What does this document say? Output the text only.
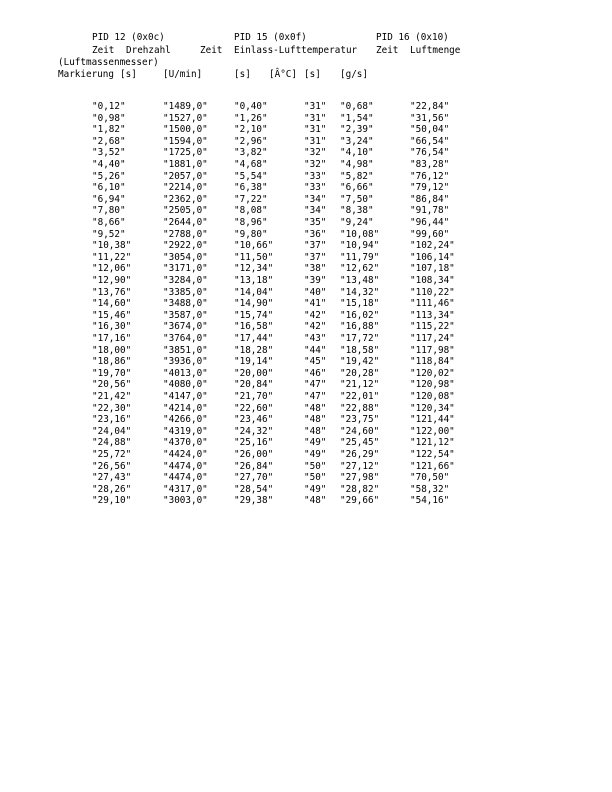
PID 12 (0x0c)	PID 15 (0x0f)	PID 16 (0x10)
Zeit Drehzahl	Zeit Einlass-Lufttemperatur Zeit Luftmenge
(Luftmassenmesser)
Markierung [s]	[U/min]	[s] [Â°C] [s] [g/s]
"0,12"	"1489,0"	"0,40"	"31" "0,68"	"22,84"
"0,98"	"1527,0"	"1,26"	"31" "1,54"	"31,56"
"1,82"	"1500,0"	"2,10"	"31" "2,39"	"50,04"
"2,68"	"1594,0"	"2,96"	"31" "3,24"	"66,54"
"3,52"	"1725,0"	"3,82"	"32" "4,10"	"76,54"
"4,40"	"1881,0"	"4,68"	"32" "4,98"	"83,28"
"5,26"	"2057,0"	"5,54"	"33" "5,82"	"76,12"
"6,10"	"2214,0"	"6,38"	"33" "6,66"	"79,12"
"6,94"	"2362,0"	"7,22"	"34" "7,50"	"86,84"
"7,80"	"2505,0"	"8,08"	"34" "8,38"	"91,78"
"8,66"	"2644,0"	"8,96"	"35" "9,24"	"96,44"
"9,52"	"2788,0"	"9,80"	"36" "10,08"	"99,60"
"10,38"	"2922,0"	"10,66"	"37" "10,94"	"102,24"
"11,22"	"3054,0"	"11,50"	"37" "11,79"	"106,14"
"12,06"	"3171,0"	"12,34"	"38" "12,62"	"107,18"
"12,90"	"3284,0"	"13,18"	"39" "13,48"	"108,34"
"13,76"	"3385,0"	"14,04"	"40" "14,32"	"110,22"
"14,60"	"3488,0"	"14,90"	"41" "15,18"	"111,46"
"15,46"	"3587,0"	"15,74"	"42" "16,02"	"113,34"
"16,30"	"3674,0"	"16,58"	"42" "16,88"	"115,22"
"17,16"	"3764,0"	"17,44"	"43" "17,72"	"117,24"
"18,00"	"3851,0"	"18,28"	"44" "18,58"	"117,98"
"18,86"	"3936,0"	"19,14"	"45" "19,42"	"118,84"
"19,70"	"4013,0"	"20,00"	"46" "20,28"	"120,02"
"20,56"	"4080,0"	"20,84"	"47" "21,12"	"120,98"
"21,42"	"4147,0"	"21,70"	"47" "22,01"	"120,08"
"22,30"	"4214,0"	"22,60"	"48" "22,88"	"120,34"
"23,16"	"4266,0"	"23,46"	"48" "23,75"	"121,44"
"24,04"	"4319,0"	"24,32"	"48" "24,60"	"122,00"
"24,88"	"4370,0"	"25,16"	"49" "25,45"	"121,12"
"25,72"	"4424,0"	"26,00"	"49" "26,29"	"122,54"
"26,56"	"4474,0"	"26,84"	"50" "27,12"	"121,66"
"27,43"	"4474,0"	"27,70"	"50" "27,98"	"70,50"
"28,26"	"4317,0"	"28,54"	"49" "28,82"	"58,32"
"29,10"	"3003,0"	"29,38"	"48" "29,66"	"54,16"
